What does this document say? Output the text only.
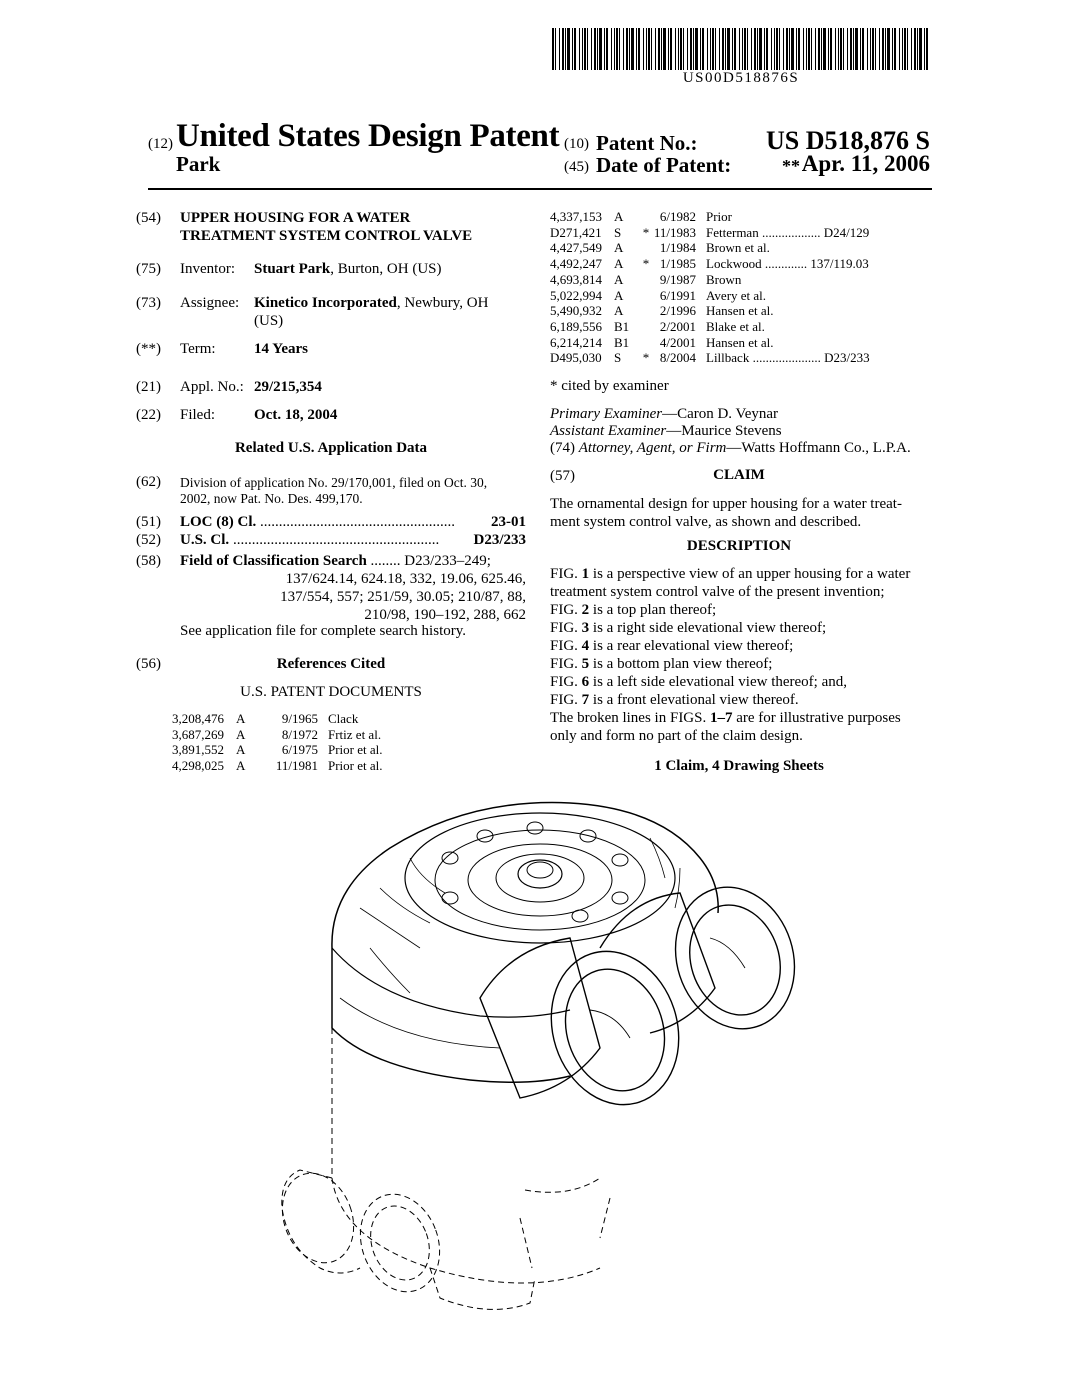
US00D518876S
(12) United States Design Patent
Park
(10) Patent No.:	US D518,876 S
(45) Date of Patent:	** Apr. 11, 2006
(54) UPPER HOUSING FOR A WATER
TREATMENT SYSTEM CONTROL VALVE
(75) Inventor: Stuart Park, Burton, OH (US)
(73) Assignee: Kinetico Incorporated, Newbury, OH
(US)
(**) Term:	14 Years
(21) Appl. No.: 29/215,354
(22) Filed:	Oct. 18, 2004
Related U.S. Application Data
(62) Division of application No. 29/170,001, filed on Oct. 30,
2002, now Pat. No. Des. 499,170.
(51) LOC (8) Cl. ....................................................	23-01
(52) U.S. Cl. .......................................................	D23/233
(58) Field of Classification Search ........ D23/233–249;
137/624.14, 624.18, 332, 19.06, 625.46,
137/554, 557; 251/59, 30.05; 210/87, 88,
210/98, 190–192, 288, 662
See application file for complete search history.
(56)	References Cited
U.S. PATENT DOCUMENTS
3,208,476 A	9/1965 Clack
3,687,269 A	8/1972 Frtiz et al.
3,891,552 A	6/1975 Prior et al.
4,298,025 A 11/1981 Prior et al.
4,337,153 A	6/1982 Prior
D271,421 S * 11/1983 Fetterman .................. D24/129
4,427,549 A	1/1984 Brown et al.
4,492,247 A * 1/1985 Lockwood ............. 137/119.03
4,693,814 A	9/1987 Brown
5,022,994 A	6/1991 Avery et al.
5,490,932 A	2/1996 Hansen et al.
6,189,556 B1 2/2001 Blake et al.
6,214,214 B1 4/2001 Hansen et al.
D495,030 S * 8/2004 Lillback ..................... D23/233
* cited by examiner
Primary Examiner—Caron D. Veynar
Assistant Examiner—Maurice Stevens
(74) Attorney, Agent, or Firm—Watts Hoffmann Co., L.P.A.
(57)	CLAIM
The ornamental design for upper housing for a water treat-
ment system control valve, as shown and described.
DESCRIPTION
FIG. 1 is a perspective view of an upper housing for a water
treatment system control valve of the present invention;
FIG. 2 is a top plan thereof;
FIG. 3 is a right side elevational view thereof;
FIG. 4 is a rear elevational view thereof;
FIG. 5 is a bottom plan view thereof;
FIG. 6 is a left side elevational view thereof; and,
FIG. 7 is a front elevational view thereof.
The broken lines in FIGS. 1–7 are for illustrative purposes
only and form no part of the claim design.
1 Claim, 4 Drawing Sheets
